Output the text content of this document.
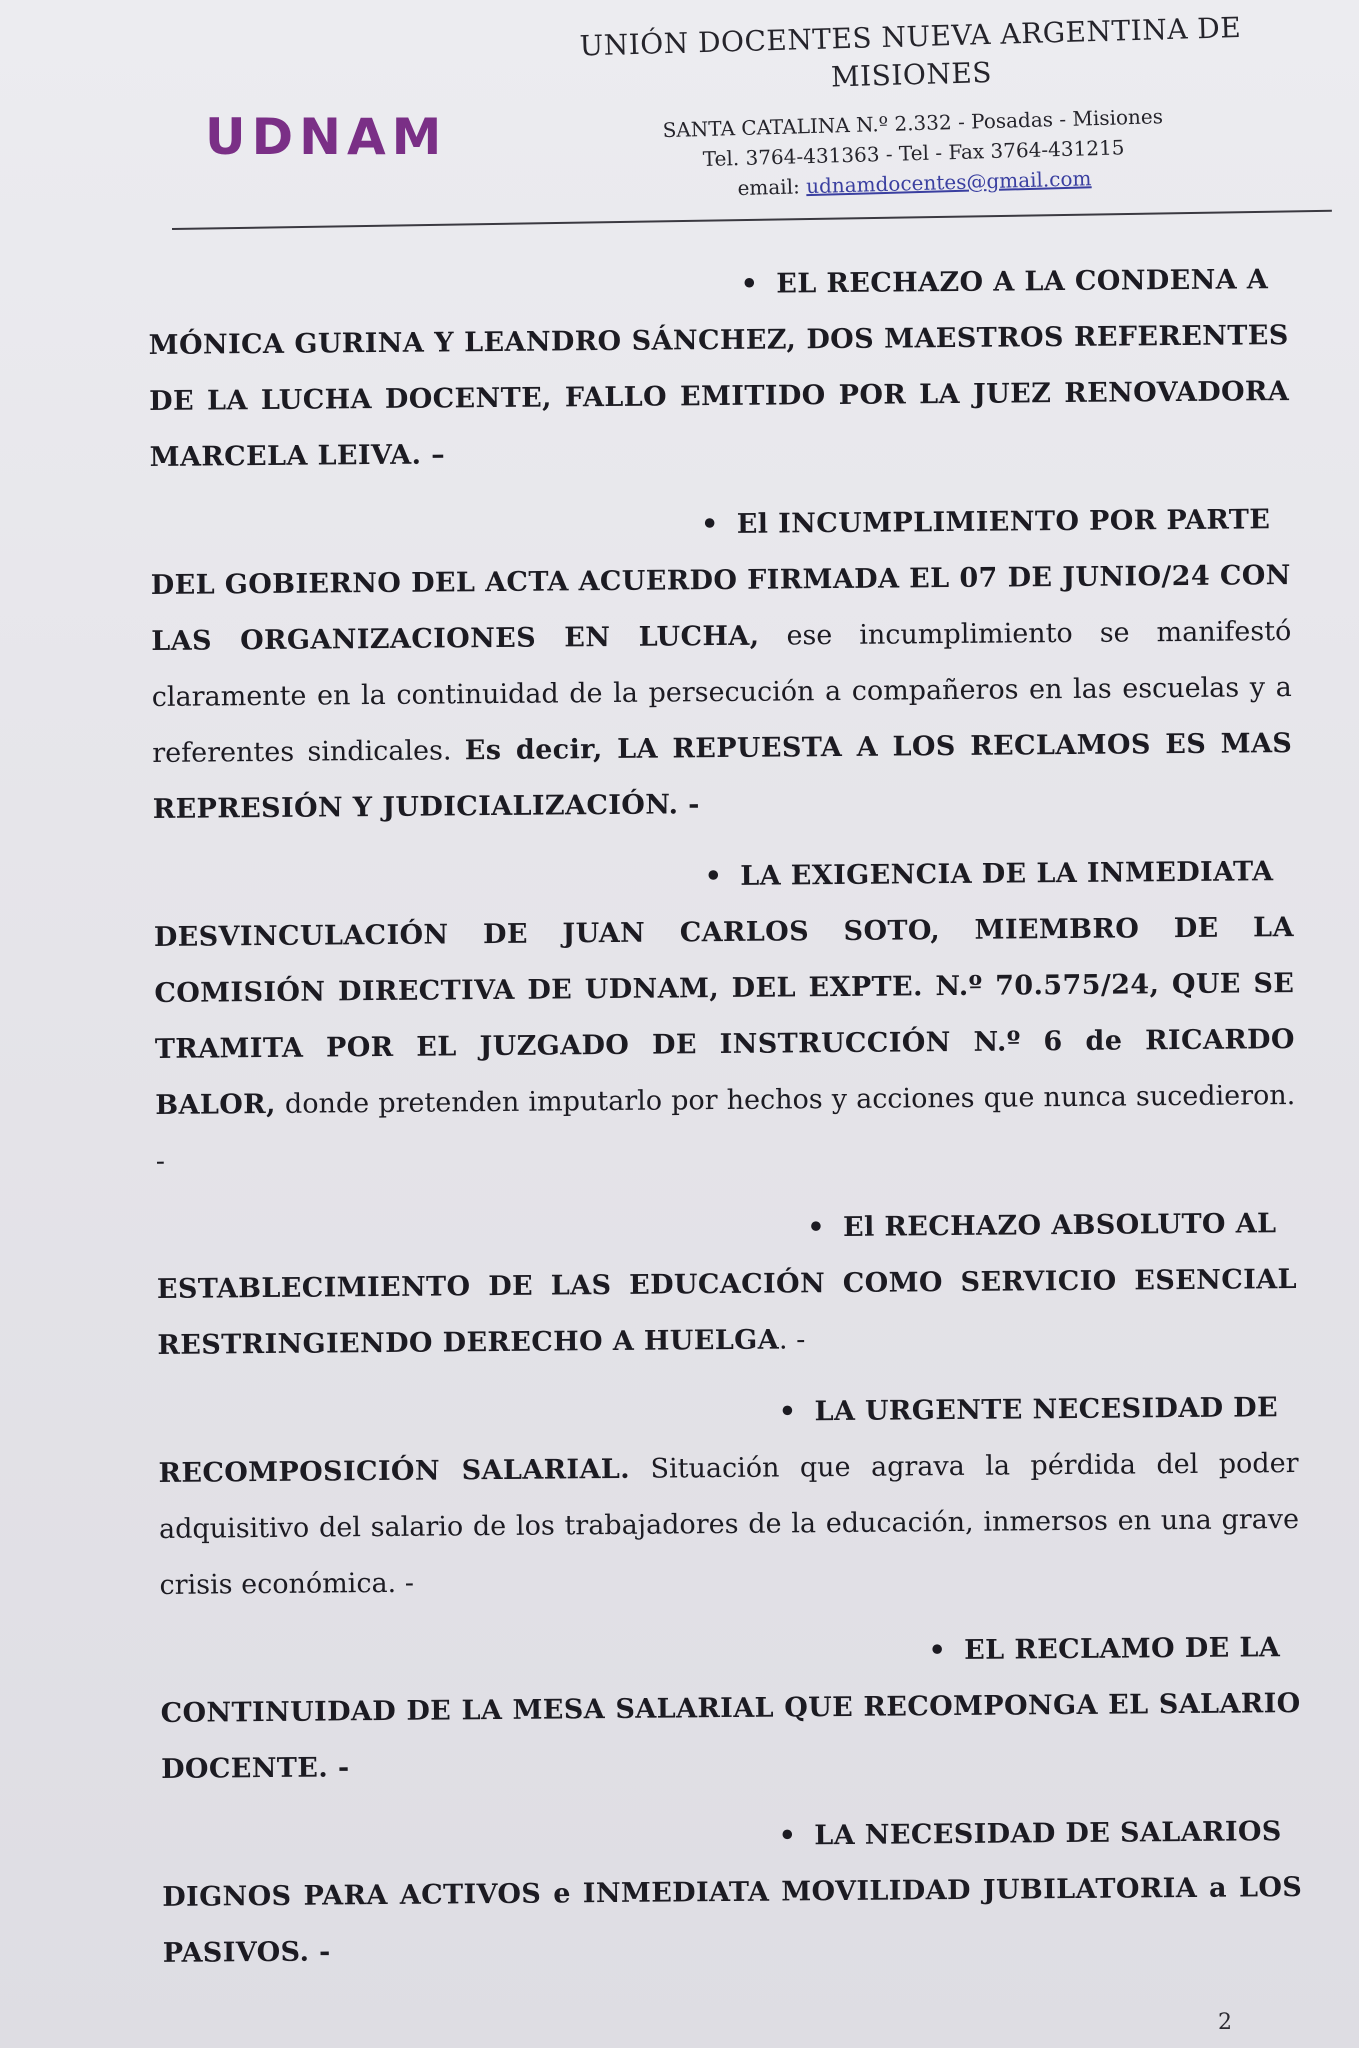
UDNAM
UNIÓN DOCENTES NUEVA ARGENTINA DE
MISIONES
SANTA CATALINA N.º 2.332 - Posadas - Misiones
Tel. 3764-431363 - Tel - Fax 3764-431215
email: udnamdocentes@gmail.com
• EL RECHAZO A LA CONDENA A

MÓNICA GURINA Y LEANDRO SÁNCHEZ, DOS MAESTROS REFERENTES DE LA LUCHA DOCENTE, FALLO EMITIDO POR LA JUEZ RENOVADORA MARCELA LEIVA. –

• El INCUMPLIMIENTO POR PARTE

DEL GOBIERNO DEL ACTA ACUERDO FIRMADA EL 07 DE JUNIO/24 CON LAS ORGANIZACIONES EN LUCHA, ese incumplimiento se manifestó claramente en la continuidad de la persecución a compañeros en las escuelas y a referentes sindicales. Es decir, LA REPUESTA A LOS RECLAMOS ES MAS REPRESIÓN Y JUDICIALIZACIÓN. -

• LA EXIGENCIA DE LA INMEDIATA

DESVINCULACIÓN DE JUAN CARLOS SOTO, MIEMBRO DE LA COMISIÓN DIRECTIVA DE UDNAM, DEL EXPTE. N.º 70.575/24, QUE SE TRAMITA POR EL JUZGADO DE INSTRUCCIÓN N.º 6 de RICARDO BALOR, donde pretenden imputarlo por hechos y acciones que nunca sucedieron. -

• El RECHAZO ABSOLUTO AL

ESTABLECIMIENTO DE LAS EDUCACIÓN COMO SERVICIO ESENCIAL RESTRINGIENDO DERECHO A HUELGA. -

• LA URGENTE NECESIDAD DE

RECOMPOSICIÓN SALARIAL. Situación que agrava la pérdida del poder adquisitivo del salario de los trabajadores de la educación, inmersos en una grave crisis económica. -

• EL RECLAMO DE LA

CONTINUIDAD DE LA MESA SALARIAL QUE RECOMPONGA EL SALARIO DOCENTE. -

• LA NECESIDAD DE SALARIOS

DIGNOS PARA ACTIVOS e INMEDIATA MOVILIDAD JUBILATORIA a LOS PASIVOS. -

2
